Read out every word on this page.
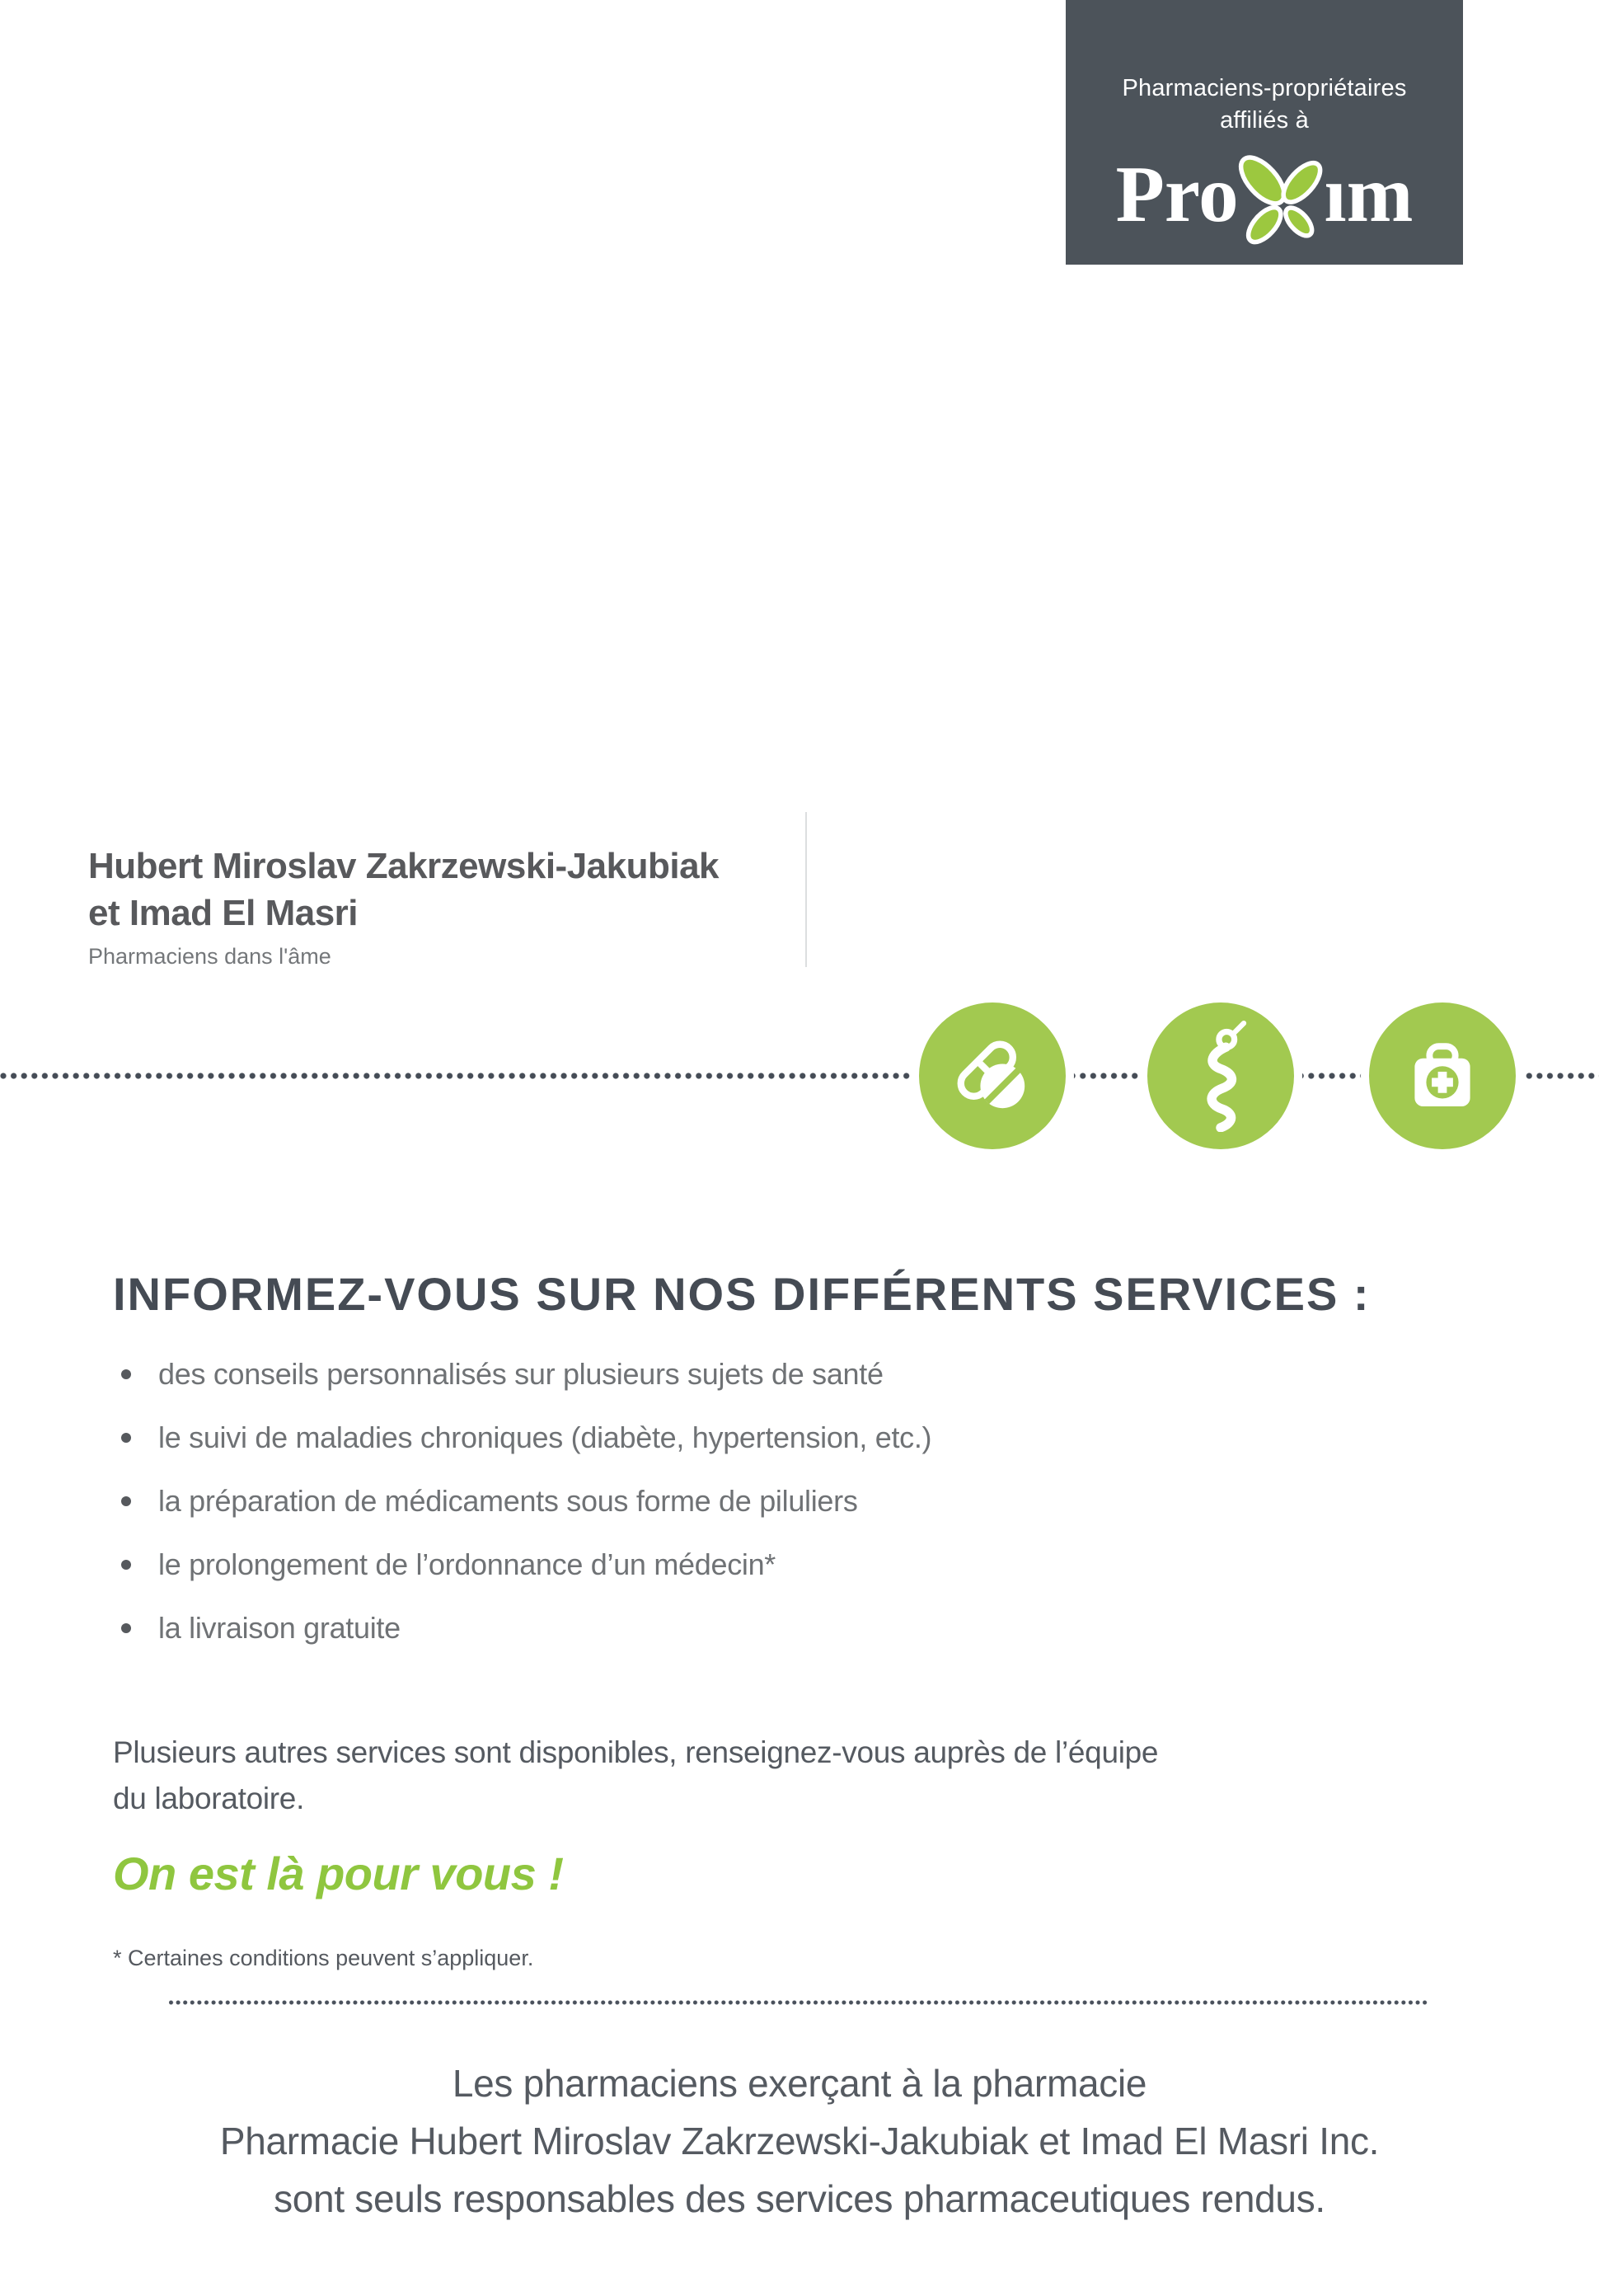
Pharmaciens-propriétaires
affiliés à
Pro ım
Hubert Miroslav Zakrzewski-Jakubiak
et Imad El Masri
Pharmaciens dans l'âme
INFORMEZ-VOUS SUR NOS DIFFÉRENTS SERVICES :
des conseils personnalisés sur plusieurs sujets de santé
le suivi de maladies chroniques (diabète, hypertension, etc.)
la préparation de médicaments sous forme de piluliers
le prolongement de l’ordonnance d’un médecin*
la livraison gratuite

Plusieurs autres services sont disponibles, renseignez-vous auprès de l’équipe
du laboratoire.

On est là pour vous !
* Certaines conditions peuvent s’appliquer.
Les pharmaciens exerçant à la pharmacie
Pharmacie Hubert Miroslav Zakrzewski-Jakubiak et Imad El Masri Inc.
sont seuls responsables des services pharmaceutiques rendus.
